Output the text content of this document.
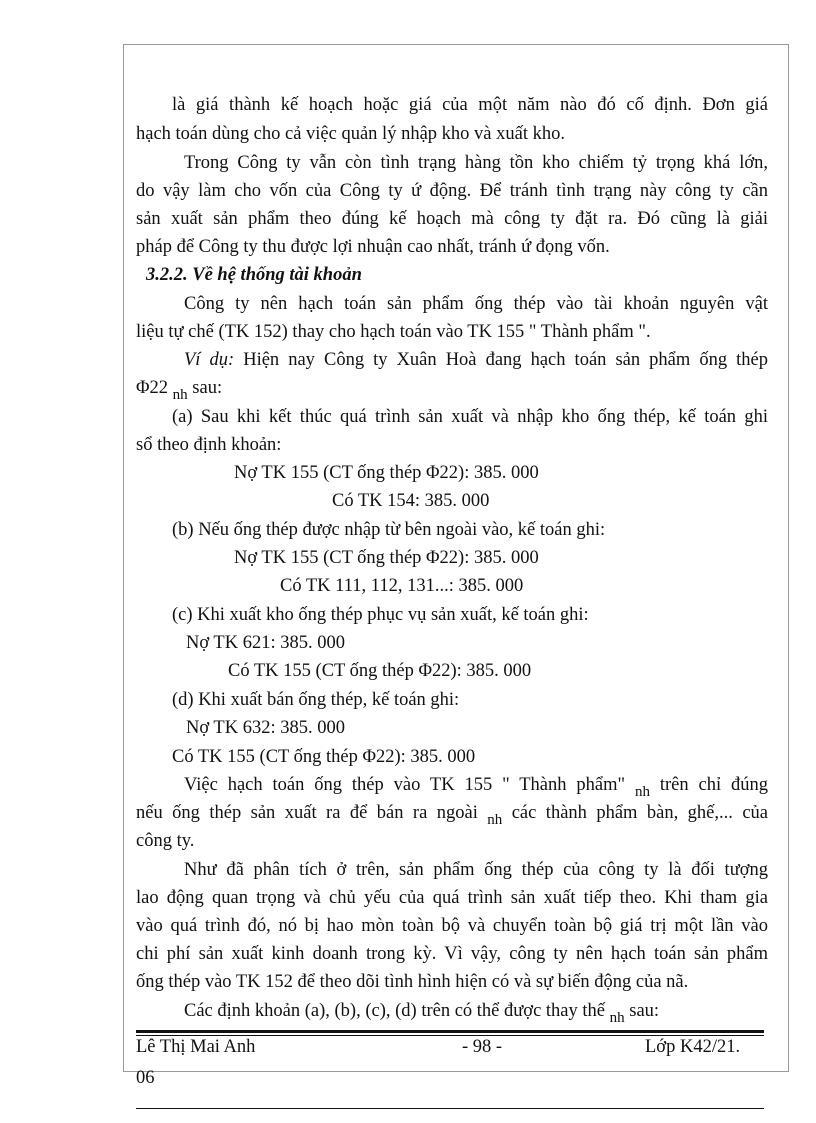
là giá thành kế hoạch hoặc giá của một năm nào đó cố định. Đơn giá
hạch toán dùng cho cả việc quản lý nhập kho và xuất kho.
Trong Công ty vẫn còn tình trạng hàng tồn kho chiếm tỷ trọng khá lớn,
do vậy làm cho vốn của Công ty ứ động. Để tránh tình trạng này công ty cần
sản xuất sản phẩm theo đúng kế hoạch mà công ty đặt ra. Đó cũng là giải
pháp để Công ty thu được lợi nhuận cao nhất, tránh ứ đọng vốn.
3.2.2. Về hệ thống tài khoản
Công ty nên hạch toán sản phẩm ống thép vào tài khoản nguyên vật
liệu tự chế (TK 152) thay cho hạch toán vào TK 155 " Thành phẩm ".
Ví dụ: Hiện nay Công ty Xuân Hoà đang hạch toán sản phẩm ống thép
Φ22 $_{nh}$ sau:
(a) Sau khi kết thúc quá trình sản xuất và nhập kho ống thép, kế toán ghi
sổ theo định khoản:
Nợ TK 155 (CT ống thép Φ22): 385. 000
Có TK 154: 385. 000
(b) Nếu ống thép được nhập từ bên ngoài vào, kế toán ghi:
Nợ TK 155 (CT ống thép Φ22): 385. 000
Có TK 111, 112, 131...: 385. 000
(c) Khi xuất kho ống thép phục vụ sản xuất, kế toán ghi:
Nợ TK 621: 385. 000
Có TK 155 (CT ống thép Φ22): 385. 000
(d) Khi xuất bán ống thép, kế toán ghi:
Nợ TK 632: 385. 000
Có TK 155 (CT ống thép Φ22): 385. 000
Việc hạch toán ống thép vào TK 155 " Thành phẩm" $_{nh}$ trên chỉ đúng
nếu ống thép sản xuất ra để bán ra ngoài $_{nh}$ các thành phẩm bàn, ghế,... của
công ty.
Như đã phân tích ở trên, sản phẩm ống thép của công ty là đối tượng
lao động quan trọng và chủ yếu của quá trình sản xuất tiếp theo. Khi tham gia
vào quá trình đó, nó bị hao mòn toàn bộ và chuyển toàn bộ giá trị một lần vào
chi phí sản xuất kinh doanh trong kỳ. Vì vậy, công ty nên hạch toán sản phẩm
ống thép vào TK 152 để theo dõi tình hình hiện có và sự biến động của nã.
Các định khoản (a), (b), (c), (d) trên có thể được thay thế $_{nh}$ sau:
Lê Thị Mai Anh	- 98 -	Lớp K42/21.
06
